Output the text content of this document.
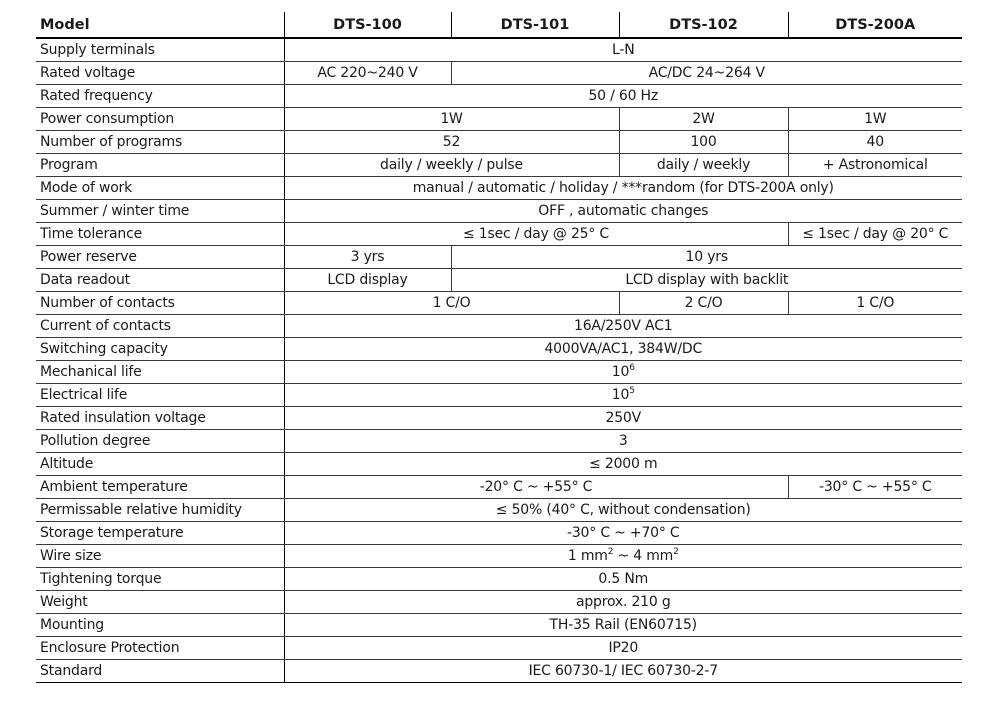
Model	DTS-100	DTS-101	DTS-102	DTS-200A
Supply terminals	L-N			
Rated voltage	AC 220~240 V	AC/DC 24~264 V		
Rated frequency	50 / 60 Hz			
Power consumption	1W		2W	1W
Number of programs	52		100	40
Program	daily / weekly / pulse		daily / weekly	+ Astronomical
Mode of work	manual / automatic / holiday / ***random (for DTS-200A only)			
Summer / winter time	OFF , automatic changes			
Time tolerance	≤ 1sec / day @ 25° C			≤ 1sec / day @ 20° C
Power reserve	3 yrs	10 yrs		
Data readout	LCD display	LCD display with backlit		
Number of contacts	1 C/O		2 C/O	1 C/O
Current of contacts	16A/250V AC1			
Switching capacity	4000VA/AC1, 384W/DC			
Mechanical life	$10^6$
Electrical life	$10^5$
Rated insulation voltage	250V			
Pollution degree	3			
Altitude	≤ 2000 m			
Ambient temperature	-20° C ~ +55° C			-30° C ~ +55° C
Permissable relative humidity	≤ 50% (40° C, without condensation)			
Storage temperature	-30° C ~ +70° C			
Wire size	1 $mm^2$ ~ 4 $mm^2$
Tightening torque	0.5 Nm			
Weight	approx. 210 g			
Mounting	TH-35 Rail (EN60715)			
Enclosure Protection	IP20			
Standard	IEC 60730-1/ IEC 60730-2-7			
